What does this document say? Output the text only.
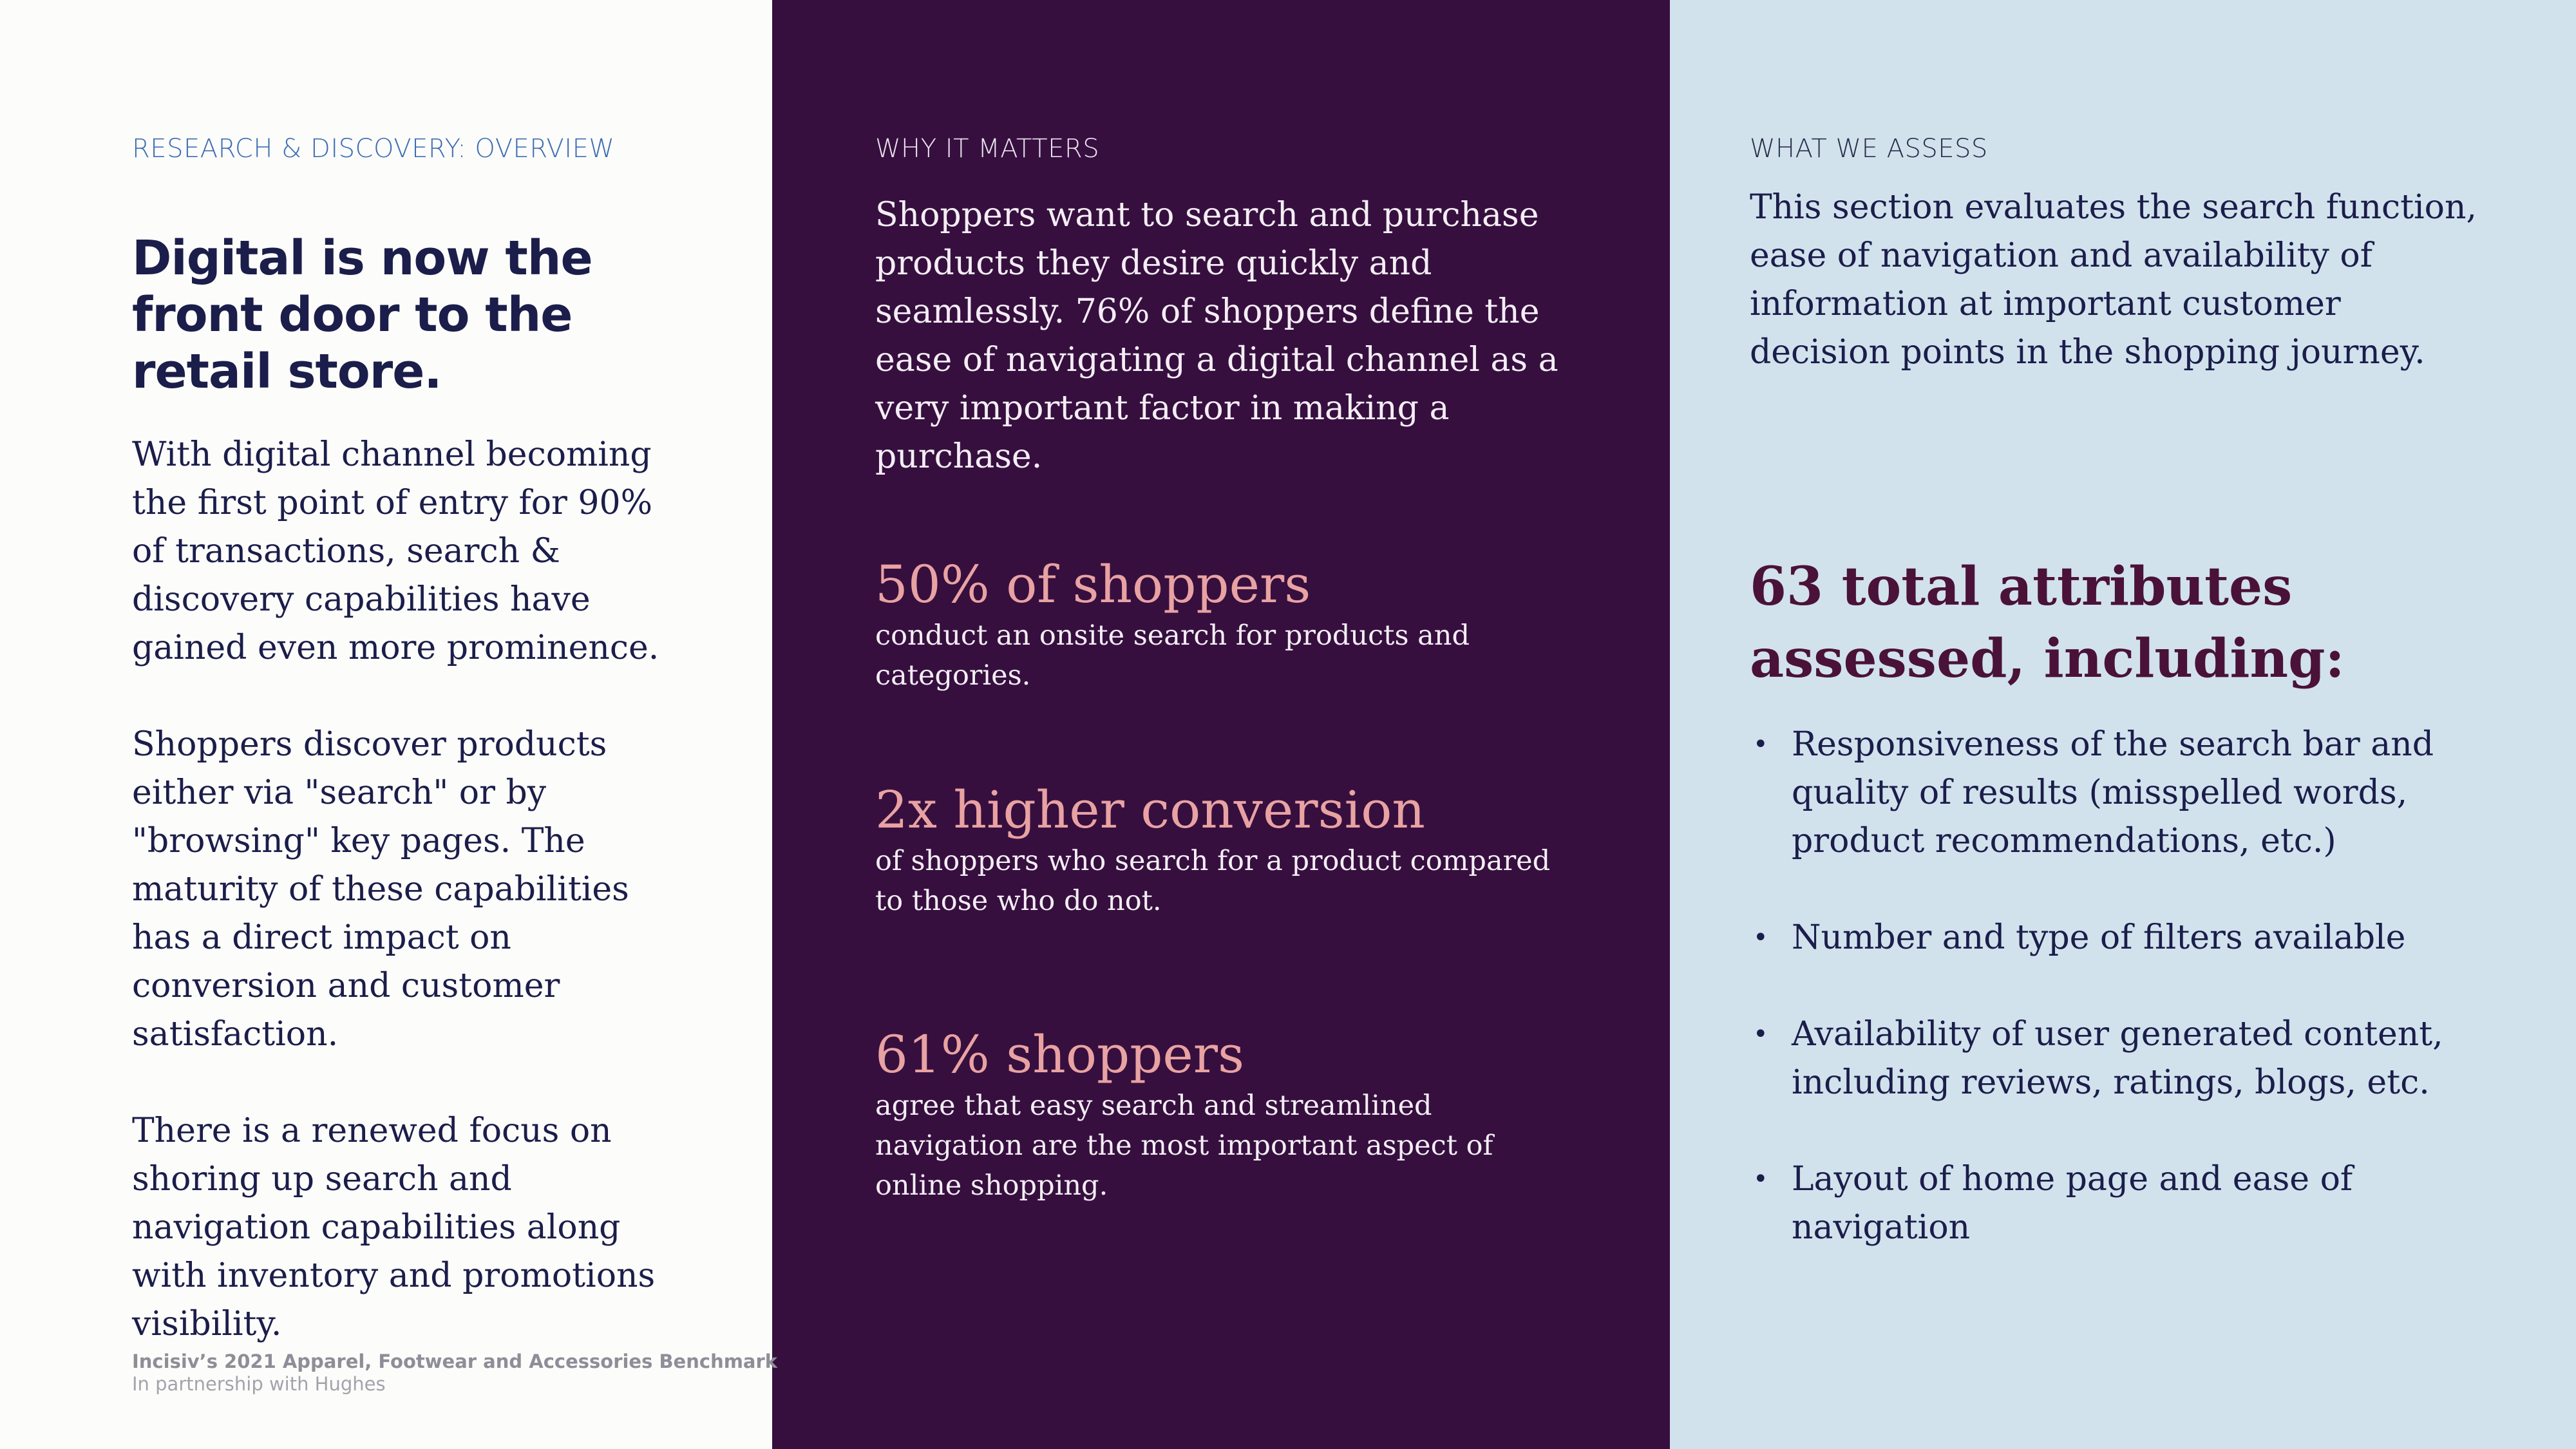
RESEARCH & DISCOVERY: OVERVIEW

Digital is now the front door to the retail store.

With digital channel becoming the first point of entry for 90% of transactions, search & discovery capabilities have gained even more prominence.

Shoppers discover products either via "search" or by "browsing" key pages. The maturity of these capabilities has a direct impact on conversion and customer satisfaction.

There is a renewed focus on shoring up search and navigation capabilities along with inventory and promotions visibility.

WHY IT MATTERS

Shoppers want to search and purchase products they desire quickly and seamlessly. 76% of shoppers define the ease of navigating a digital channel as a very important factor in making a purchase.

50% of shoppers

conduct an onsite search for products and categories.

2x higher conversion

of shoppers who search for a product compared to those who do not.

61% shoppers

agree that easy search and streamlined navigation are the most important aspect of online shopping.

WHAT WE ASSESS

This section evaluates the search function, ease of navigation and availability of information at important customer decision points in the shopping journey.

63 total attributes assessed, including:
• Responsiveness of the search bar and quality of results (misspelled words, product recommendations, etc.)
• Number and type of filters available
• Availability of user generated content, including reviews, ratings, blogs, etc.
• Layout of home page and ease of navigation

Incisiv’s 2021 Apparel, Footwear and Accessories Benchmark

In partnership with Hughes
